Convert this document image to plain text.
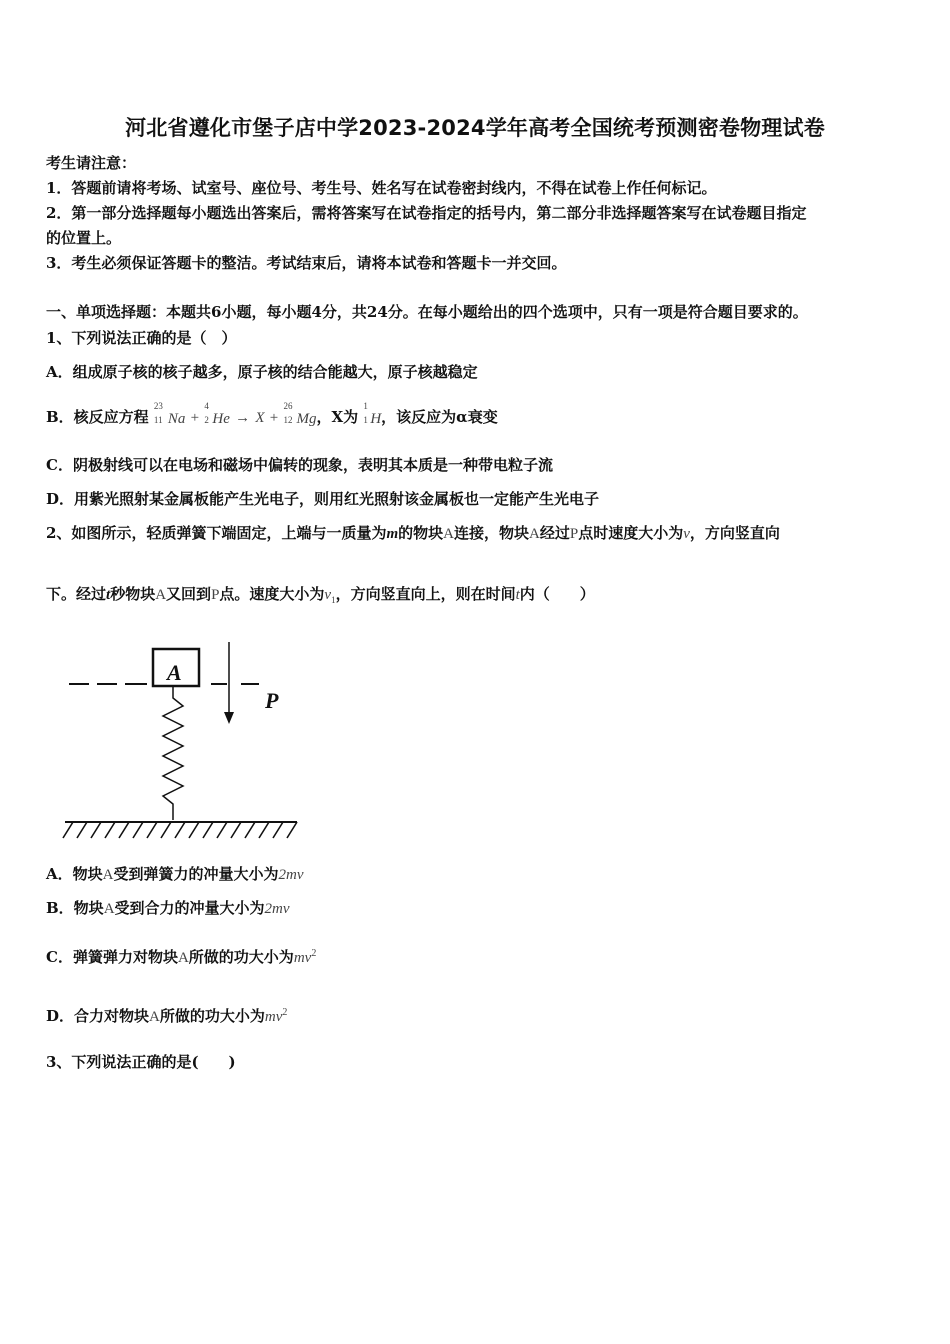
河北省遵化市堡子店中学2023-2024学年高考全国统考预测密卷物理试卷
考生请注意：
1．答题前请将考场、试室号、座位号、考生号、姓名写在试卷密封线内，不得在试卷上作任何标记。
2．第一部分选择题每小题选出答案后，需将答案写在试卷指定的括号内，第二部分非选择题答案写在试卷题目指定
的位置上。
3．考生必须保证答题卡的整洁。考试结束后，请将本试卷和答题卡一并交回。
一、单项选择题：本题共6小题，每小题4分，共24分。在每小题给出的四个选项中，只有一项是符合题目要求的。
1、下列说法正确的是（　）
A．组成原子核的核子越多，原子核的结合能越大，原子核越稳定
B．核反应方程
23
11 Na +
4
2 He → X +
26
12 Mg，X为
1
1 H，该反应为α衰变
C．阴极射线可以在电场和磁场中偏转的现象，表明其本质是一种带电粒子流
D．用紫光照射某金属板能产生光电子，则用红光照射该金属板也一定能产生光电子
2、如图所示，轻质弹簧下端固定，上端与一质量为m的物块A连接，物块A经过P点时速度大小为v，方向竖直向
下。经过t秒物块A又回到P点。速度大小为$v_1$，方向竖直向上，则在时间t内（　　）
A
P
A．物块A受到弹簧力的冲量大小为2mv
B．物块A受到合力的冲量大小为2mv
C．弹簧弹力对物块A所做的功大小为$mv^2$
D．合力对物块A所做的功大小为$mv^2$
3、下列说法正确的是(　　)
